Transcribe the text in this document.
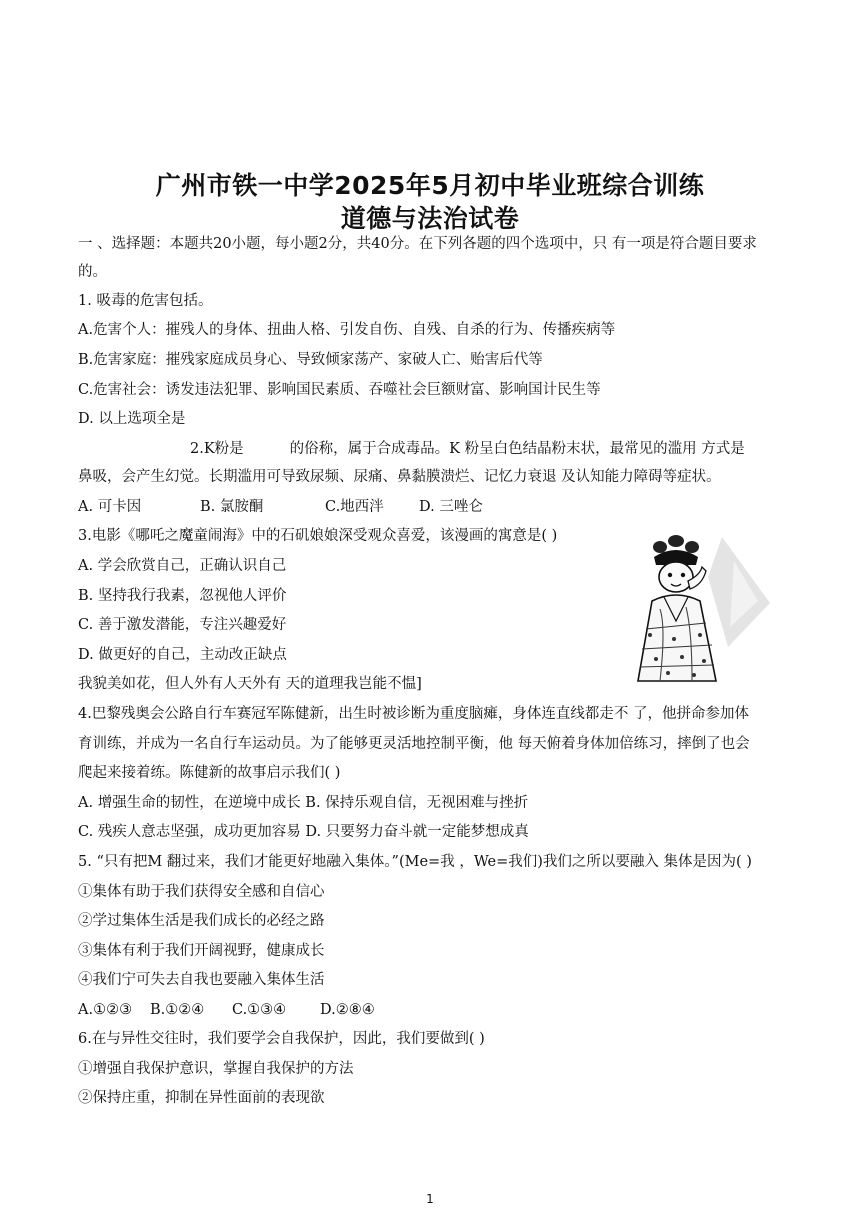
广州市铁一中学2025年5月初中毕业班综合训练
道德与法治试卷

一 、选择题：本题共20小题，每小题2分，共40分。在下列各题的四个选项中，只 有一项是符合题目要求

的。

1. 吸毒的危害包括。

A.危害个人：摧残人的身体、扭曲人格、引发自伤、自残、自杀的行为、传播疾病等

B.危害家庭：摧残家庭成员身心、导致倾家荡产、家破人亡、贻害后代等

C.危害社会：诱发违法犯罪、影响国民素质、吞噬社会巨额财富、影响国计民生等

D. 以上选项全是

2.K粉是	的俗称，属于合成毒品。K 粉呈白色结晶粉末状，最常见的滥用 方式是

鼻吸，会产生幻觉。长期滥用可导致尿频、尿痛、鼻黏膜溃烂、记忆力衰退 及认知能力障碍等症状。

A. 可卡因	B. 氯胺酮	C.地西泮	D. 三唑仑

3.电影《哪吒之魔童闹海》中的石矶娘娘深受观众喜爱，该漫画的寓意是( )

A. 学会欣赏自己，正确认识自己

B. 坚持我行我素，忽视他人评价

C. 善于激发潜能，专注兴趣爱好

D. 做更好的自己，主动改正缺点

我貌美如花，但人外有人天外有 天的道理我岂能不愠]

4.巴黎残奥会公路自行车赛冠军陈健新，出生时被诊断为重度脑瘫，身体连直线都走不 了，他拼命参加体

育训练，并成为一名自行车运动员。为了能够更灵活地控制平衡，他 每天俯着身体加倍练习，摔倒了也会

爬起来接着练。陈健新的故事启示我们( )

A. 增强生命的韧性，在逆境中成长 B. 保持乐观自信，无视困难与挫折

C. 残疾人意志坚强，成功更加容易 D. 只要努力奋斗就一定能梦想成真

5. “只有把M 翻过来，我们才能更好地融入集体。”(Me=我 ，We=我们)我们之所以要融入 集体是因为( )

①集体有助于我们获得安全感和自信心

②学过集体生活是我们成长的必经之路

③集体有利于我们开阔视野，健康成长

④我们宁可失去自我也要融入集体生活

A.①②③	B.①②④	C.①③④	D.②⑧④

6.在与异性交往时，我们要学会自我保护，因此，我们要做到( )

①增强自我保护意识，掌握自我保护的方法

②保持庄重，抑制在异性面前的表现欲

1
